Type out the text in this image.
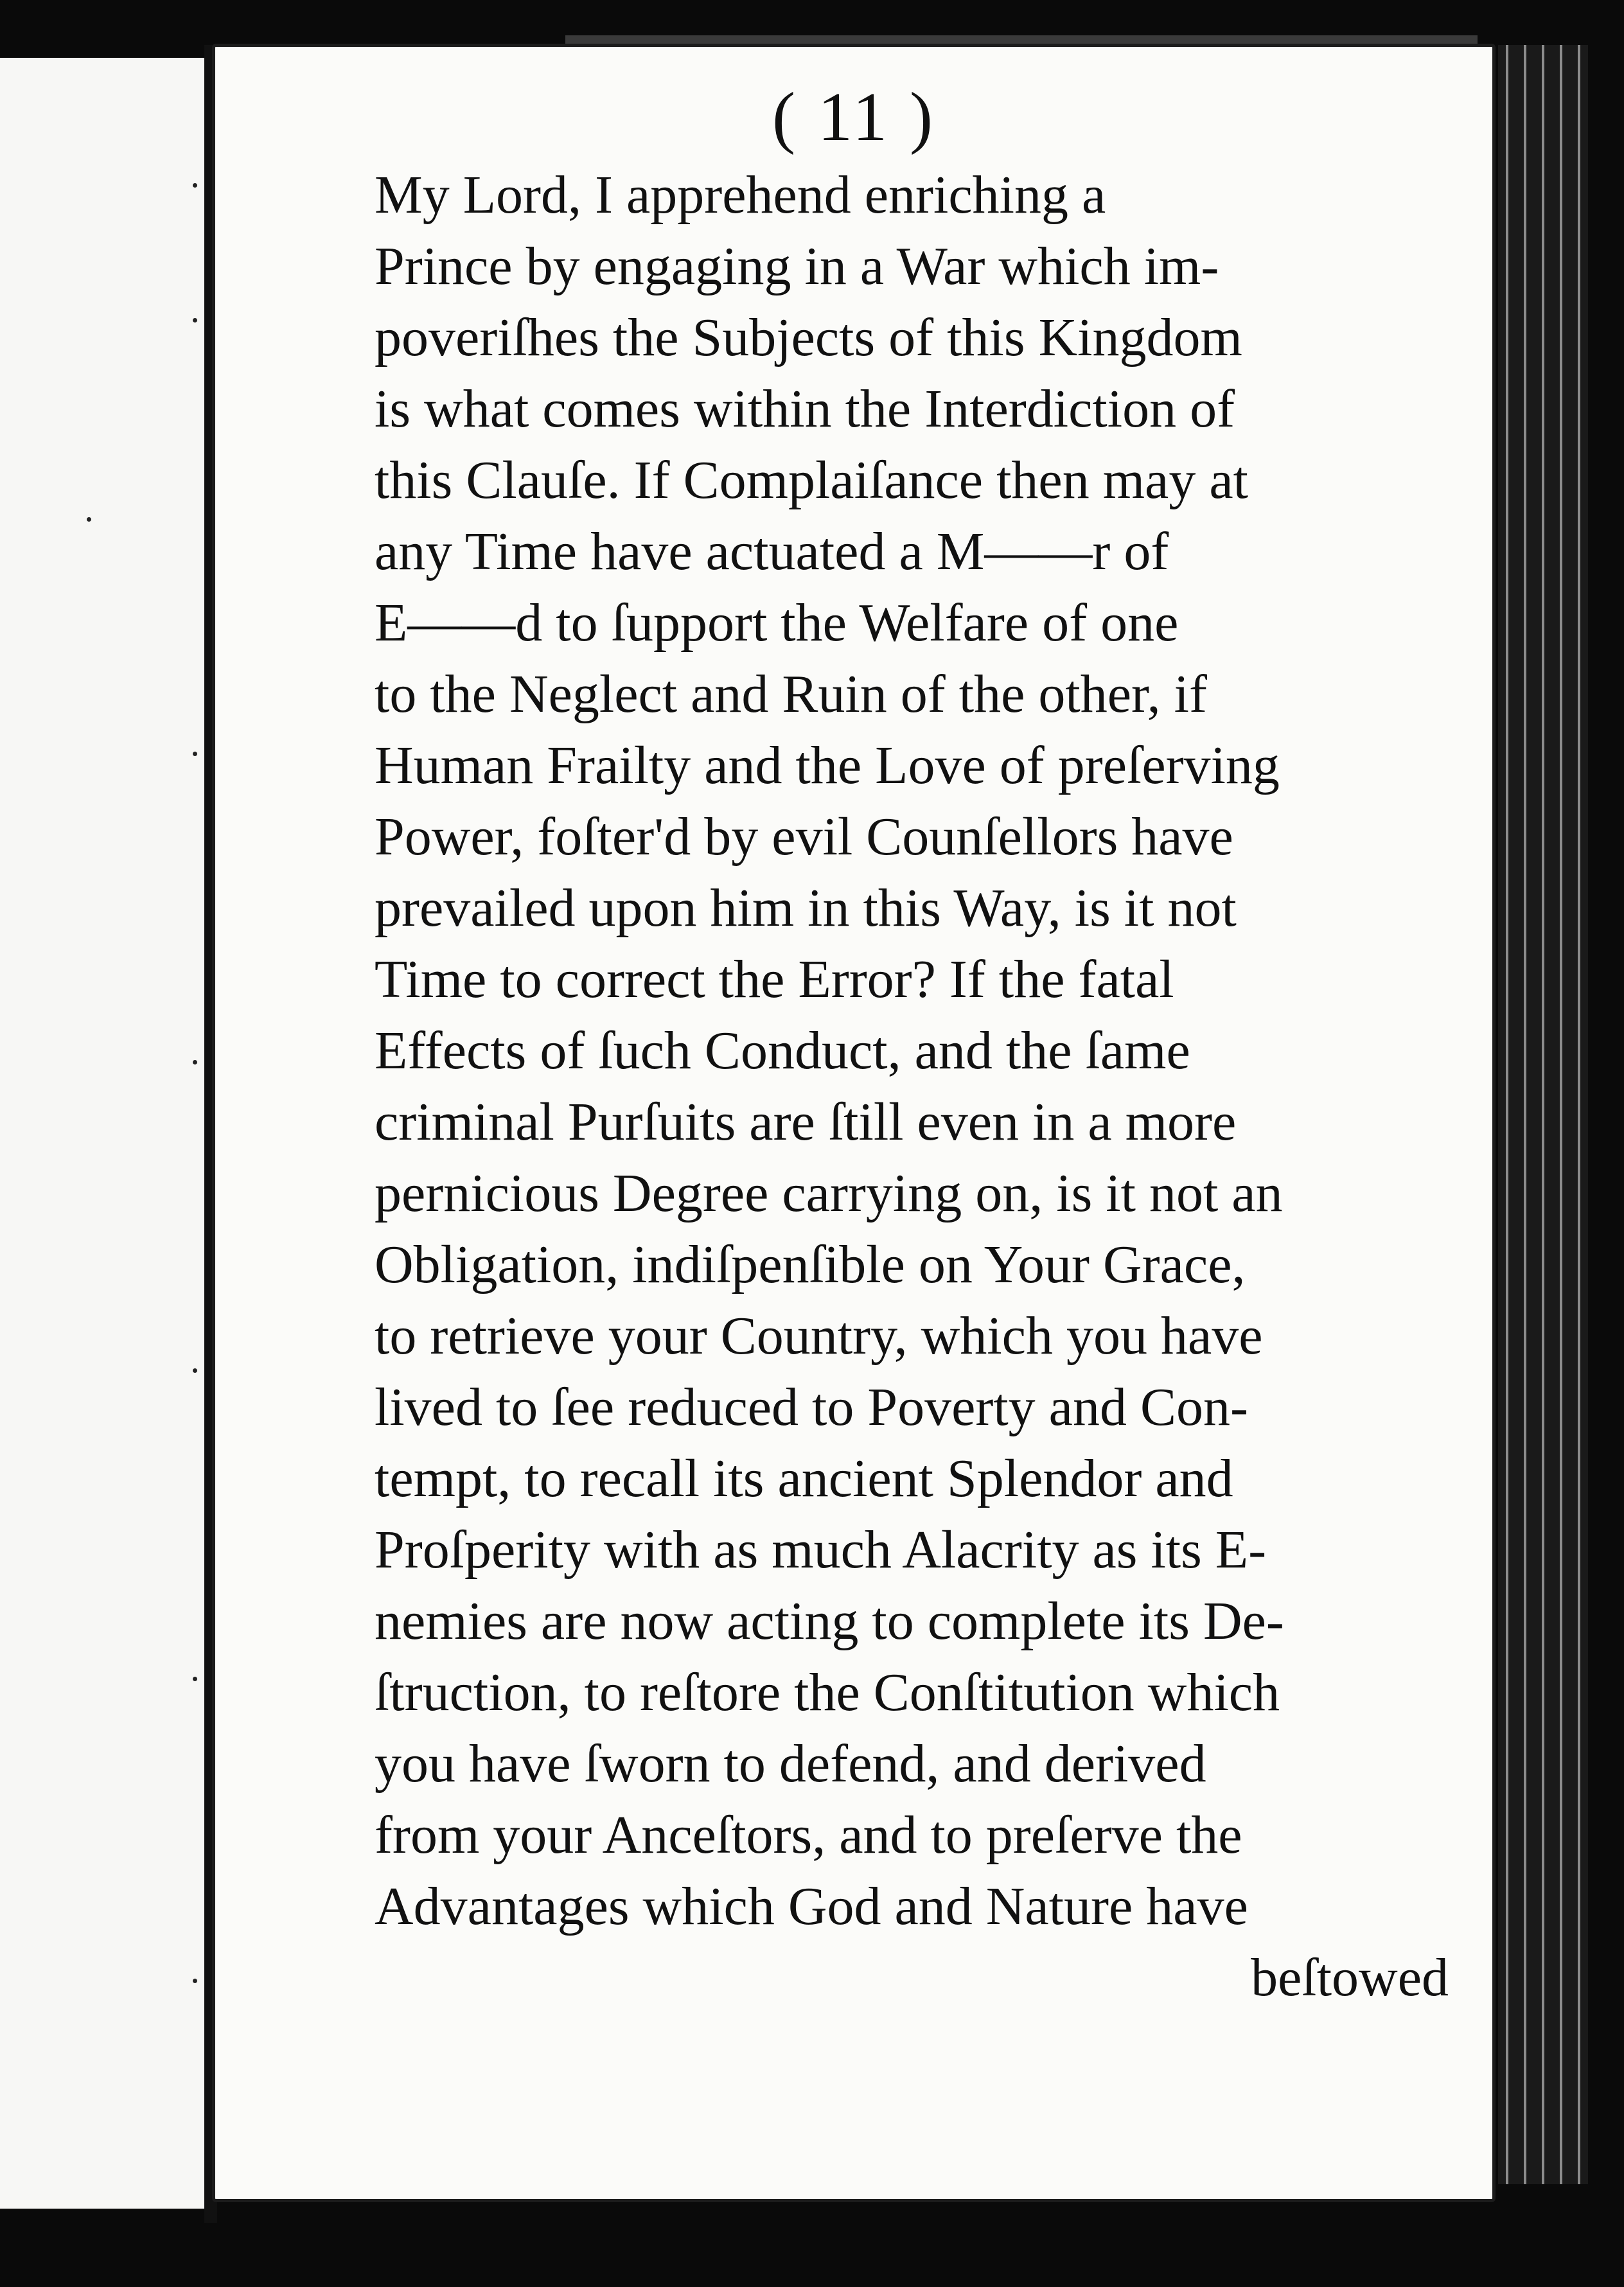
( 11 )
My Lord, I apprehend enriching a
Prince by engaging in a War which im-
poveriſhes the Subjects of this Kingdom
is what comes within the Interdiction of
this Clauſe. If Complaiſance then may at
any Time have actuated a M——r of
E——d to ſupport the Welfare of one
to the Neglect and Ruin of the other, if
Human Frailty and the Love of preſerving
Power, foſter'd by evil Counſellors have
prevailed upon him in this Way, is it not
Time to correct the Error? If the fatal
Effects of ſuch Conduct, and the ſame
criminal Purſuits are ſtill even in a more
pernicious Degree carrying on, is it not an
Obligation, indiſpenſible on Your Grace,
to retrieve your Country, which you have
lived to ſee reduced to Poverty and Con-
tempt, to recall its ancient Splendor and
Proſperity with as much Alacrity as its E-
nemies are now acting to complete its De-
ſtruction, to reſtore the Conſtitution which
you have ſworn to defend, and derived
from your Anceſtors, and to preſerve the
Advantages which God and Nature have
beſtowed
